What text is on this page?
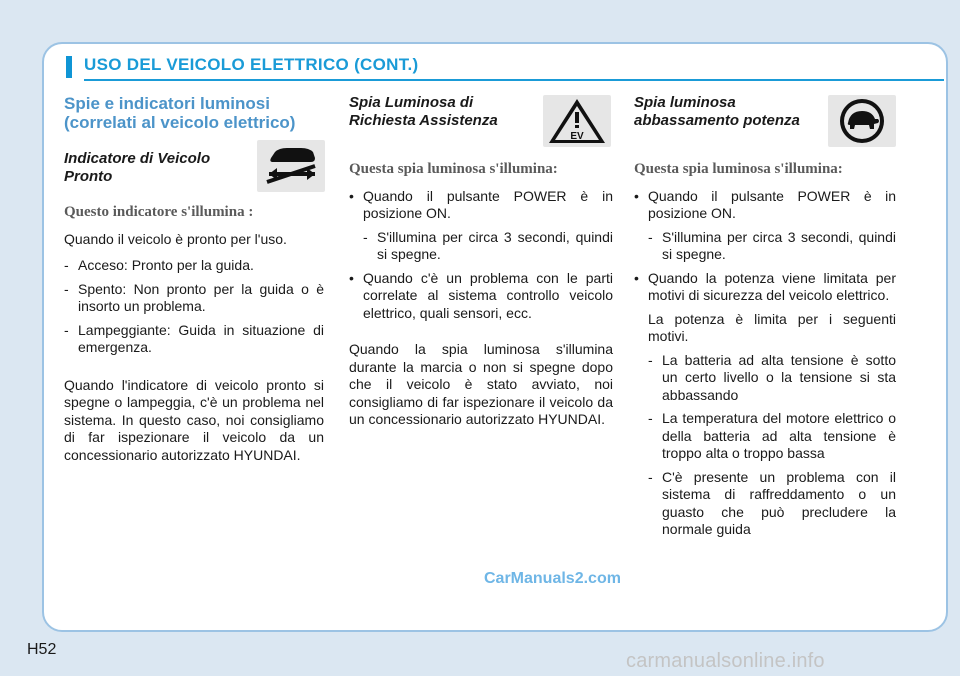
USO DEL VEICOLO ELETTRICO (CONT.)

Spie e indicatori luminosi
(correlati al veicolo elettrico)

Indicatore di Veicolo
Pronto

Questo indicatore s'illumina :

Quando il veicolo è pronto per l'uso.

- Acceso: Pronto per la guida.
- Spento: Non pronto per la guida o è insorto un problema.
- Lampeggiante: Guida in situazione di emergenza.

Quando l'indicatore di veicolo pronto si spegne o lampeggia, c'è un problema nel sistema. In questo caso, noi consigliamo di far ispezionare il veicolo da un concessionario autorizzato HYUNDAI.

Spia Luminosa di
Richiesta Assistenza

Questa spia luminosa s'illumina:

• Quando il pulsante POWER è in posizione ON.
- S'illumina per circa 3 secondi, quindi si spegne.
• Quando c'è un problema con le parti correlate al sistema controllo veicolo elettrico, quali sensori, ecc.

Quando la spia luminosa s'illumina durante la marcia o non si spegne dopo che il veicolo è stato avviato, noi consigliamo di far ispezionare il veicolo da un concessionario autorizzato HYUNDAI.

EV

Spia luminosa
abbassamento potenza

Questa spia luminosa s'illumina:

• Quando il pulsante POWER è in posizione ON.
- S'illumina per circa 3 secondi, quindi si spegne.
• Quando la potenza viene limitata per motivi di sicurezza del veicolo elettrico.

La potenza è limita per i seguenti motivi.

- La batteria ad alta tensione è sotto un certo livello o la tensione si sta abbassando
- La temperatura del motore elettrico o della batteria ad alta tensione è troppo alta o troppo bassa
- C'è presente un problema con il sistema di raffreddamento o un guasto che può precludere la normale guida
CarManuals2.com
H52
carmanualsonline.info
